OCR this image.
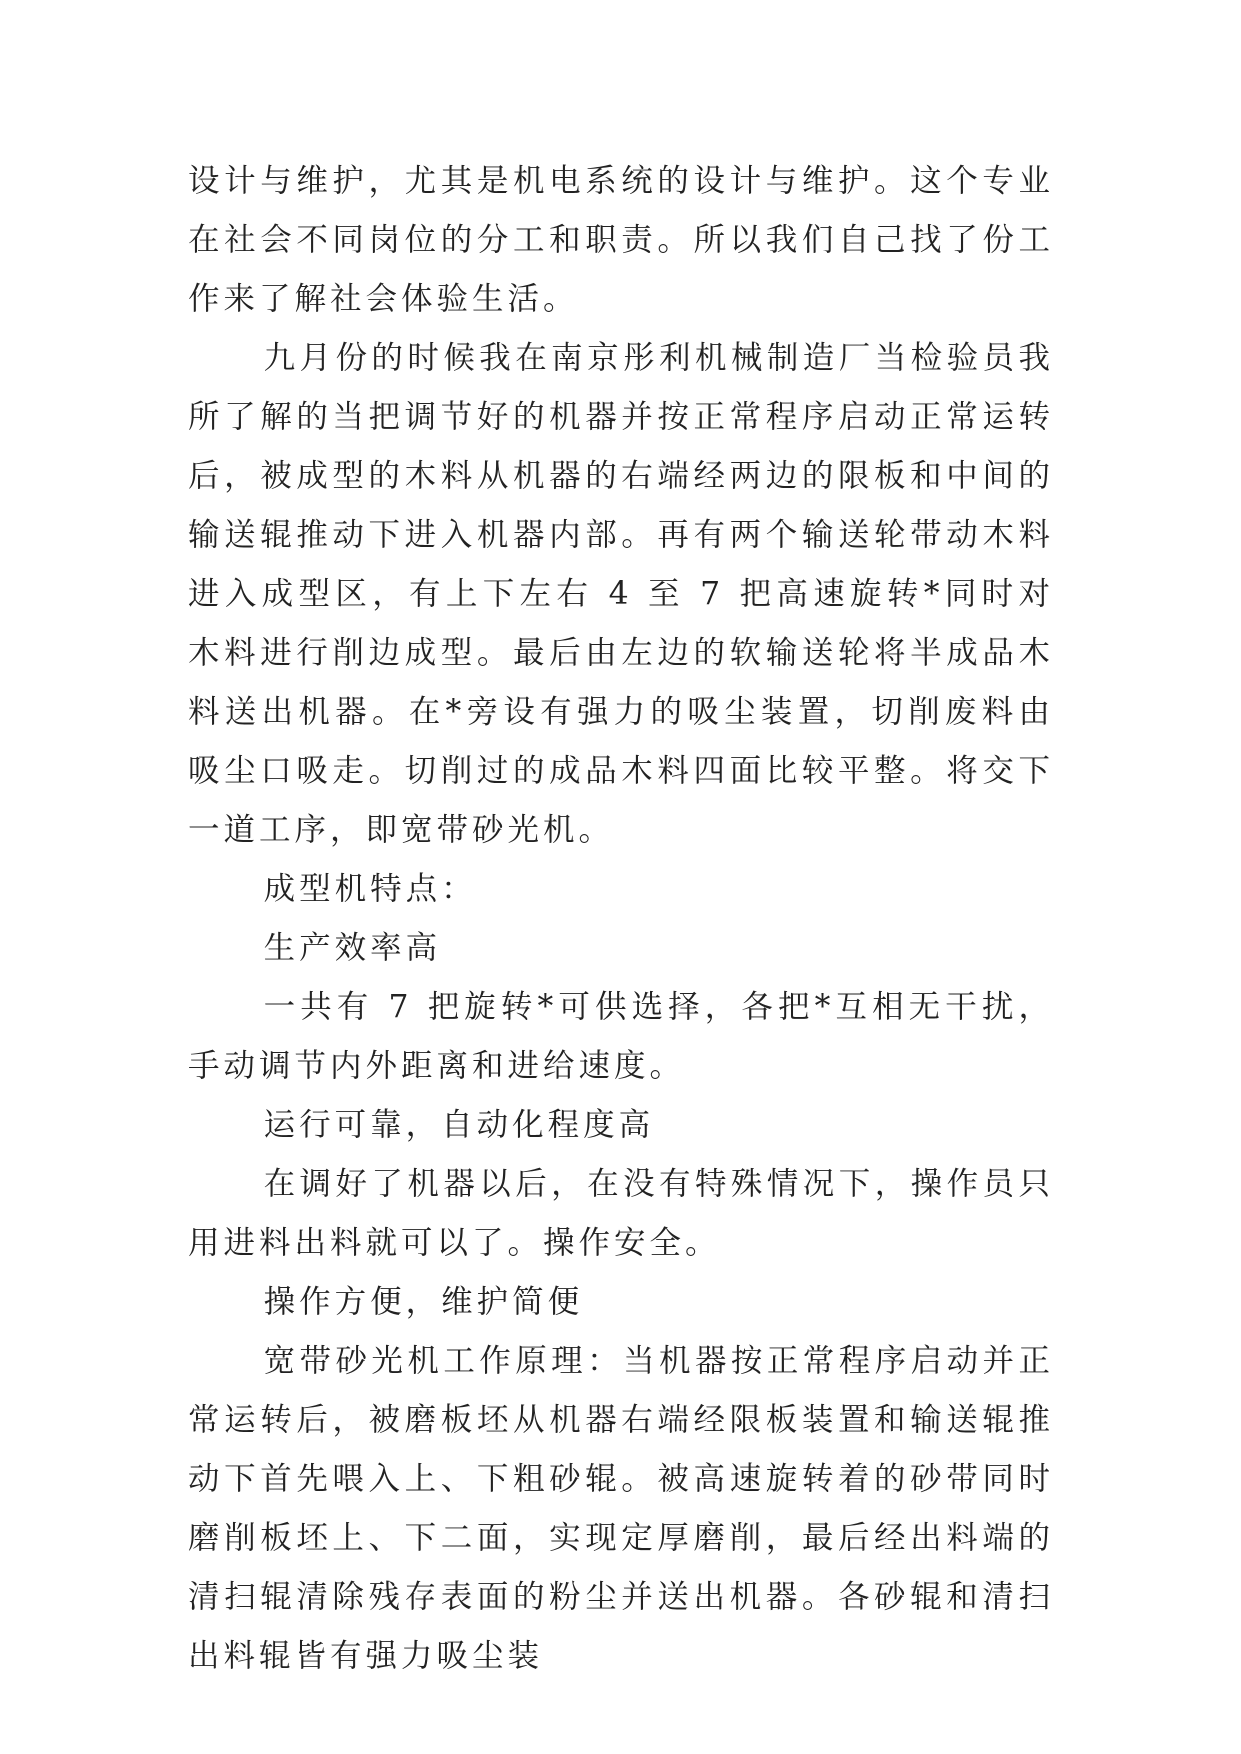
设计与维护，尤其是机电系统的设计与维护。这个专业在社会不同岗位的分工和职责。所以我们自己找了份工作来了解社会体验生活。

九月份的时候我在南京彤利机械制造厂当检验员我所了解的当把调节好的机器并按正常程序启动正常运转后，被成型的木料从机器的右端经两边的限板和中间的输送辊推动下进入机器内部。再有两个输送轮带动木料进入成型区，有上下左右 4 至 7 把高速旋转*同时对木料进行削边成型。最后由左边的软输送轮将半成品木料送出机器。在*旁设有强力的吸尘装置，切削废料由吸尘口吸走。切削过的成品木料四面比较平整。将交下一道工序，即宽带砂光机。

成型机特点：

生产效率高

一共有 7 把旋转*可供选择，各把*互相无干扰，手动调节内外距离和进给速度。

运行可靠，自动化程度高

在调好了机器以后，在没有特殊情况下，操作员只用进料出料就可以了。操作安全。

操作方便，维护简便

宽带砂光机工作原理：当机器按正常程序启动并正常运转后，被磨板坯从机器右端经限板装置和输送辊推动下首先喂入上、下粗砂辊。被高速旋转着的砂带同时磨削板坯上、下二面，实现定厚磨削，最后经出料端的清扫辊清除残存表面的粉尘并送出机器。各砂辊和清扫出料辊皆有强力吸尘装
